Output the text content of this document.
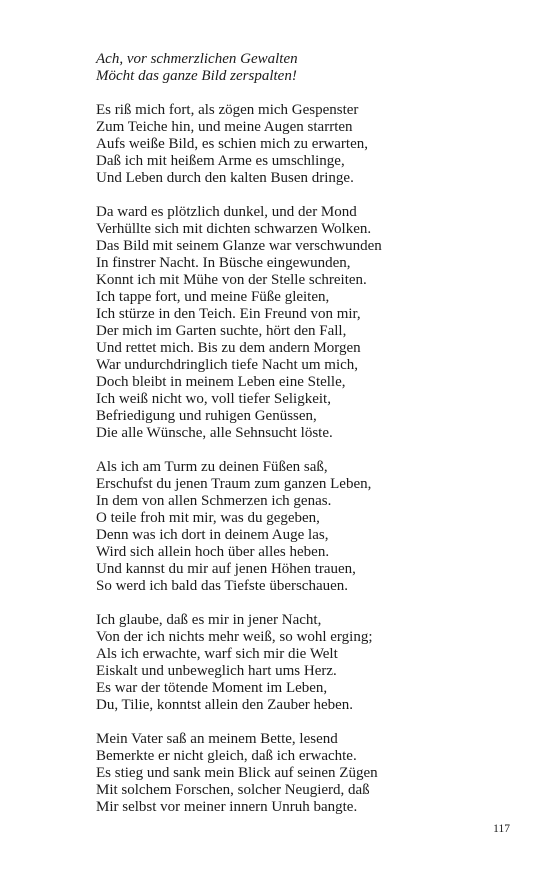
Ach, vor schmerzlichen Gewalten
Möcht das ganze Bild zerspalten!
Es riß mich fort, als zögen mich Gespenster
Zum Teiche hin, und meine Augen starrten
Aufs weiße Bild, es schien mich zu erwarten,
Daß ich mit heißem Arme es umschlinge,
Und Leben durch den kalten Busen dringe.
Da ward es plötzlich dunkel, und der Mond
Verhüllte sich mit dichten schwarzen Wolken.
Das Bild mit seinem Glanze war verschwunden
In finstrer Nacht. In Büsche eingewunden,
Konnt ich mit Mühe von der Stelle schreiten.
Ich tappe fort, und meine Füße gleiten,
Ich stürze in den Teich. Ein Freund von mir,
Der mich im Garten suchte, hört den Fall,
Und rettet mich. Bis zu dem andern Morgen
War undurchdringlich tiefe Nacht um mich,
Doch bleibt in meinem Leben eine Stelle,
Ich weiß nicht wo, voll tiefer Seligkeit,
Befriedigung und ruhigen Genüssen,
Die alle Wünsche, alle Sehnsucht löste.
Als ich am Turm zu deinen Füßen saß,
Erschufst du jenen Traum zum ganzen Leben,
In dem von allen Schmerzen ich genas.
O teile froh mit mir, was du gegeben,
Denn was ich dort in deinem Auge las,
Wird sich allein hoch über alles heben.
Und kannst du mir auf jenen Höhen trauen,
So werd ich bald das Tiefste überschauen.
Ich glaube, daß es mir in jener Nacht,
Von der ich nichts mehr weiß, so wohl erging;
Als ich erwachte, warf sich mir die Welt
Eiskalt und unbeweglich hart ums Herz.
Es war der tötende Moment im Leben,
Du, Tilie, konntst allein den Zauber heben.
Mein Vater saß an meinem Bette, lesend
Bemerkte er nicht gleich, daß ich erwachte.
Es stieg und sank mein Blick auf seinen Zügen
Mit solchem Forschen, solcher Neugierd, daß
Mir selbst vor meiner innern Unruh bangte.
117
